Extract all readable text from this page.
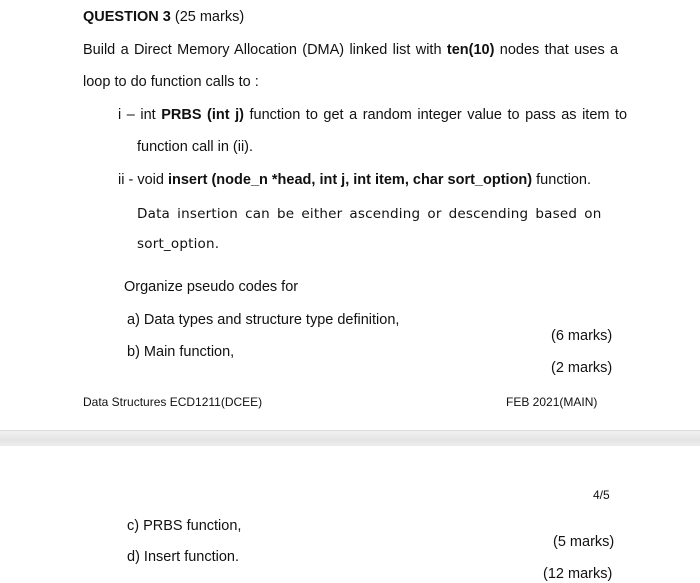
QUESTION 3 (25 marks)
Build a Direct Memory Allocation (DMA) linked list with ten(10) nodes that uses a
loop to do function calls to :
i – int PRBS (int j) function to get a random integer value to pass as item to
function call in (ii).
ii - void insert (node_n *head, int j, int item, char sort_option) function.
Data insertion can be either ascending or descending based on
sort_option.
Organize pseudo codes for
a) Data types and structure type definition,
(6 marks)
b) Main function,
(2 marks)
Data Structures ECD1211(DCEE)	FEB 2021(MAIN)
4/5
c) PRBS function,
(5 marks)
d) Insert function.
(12 marks)
